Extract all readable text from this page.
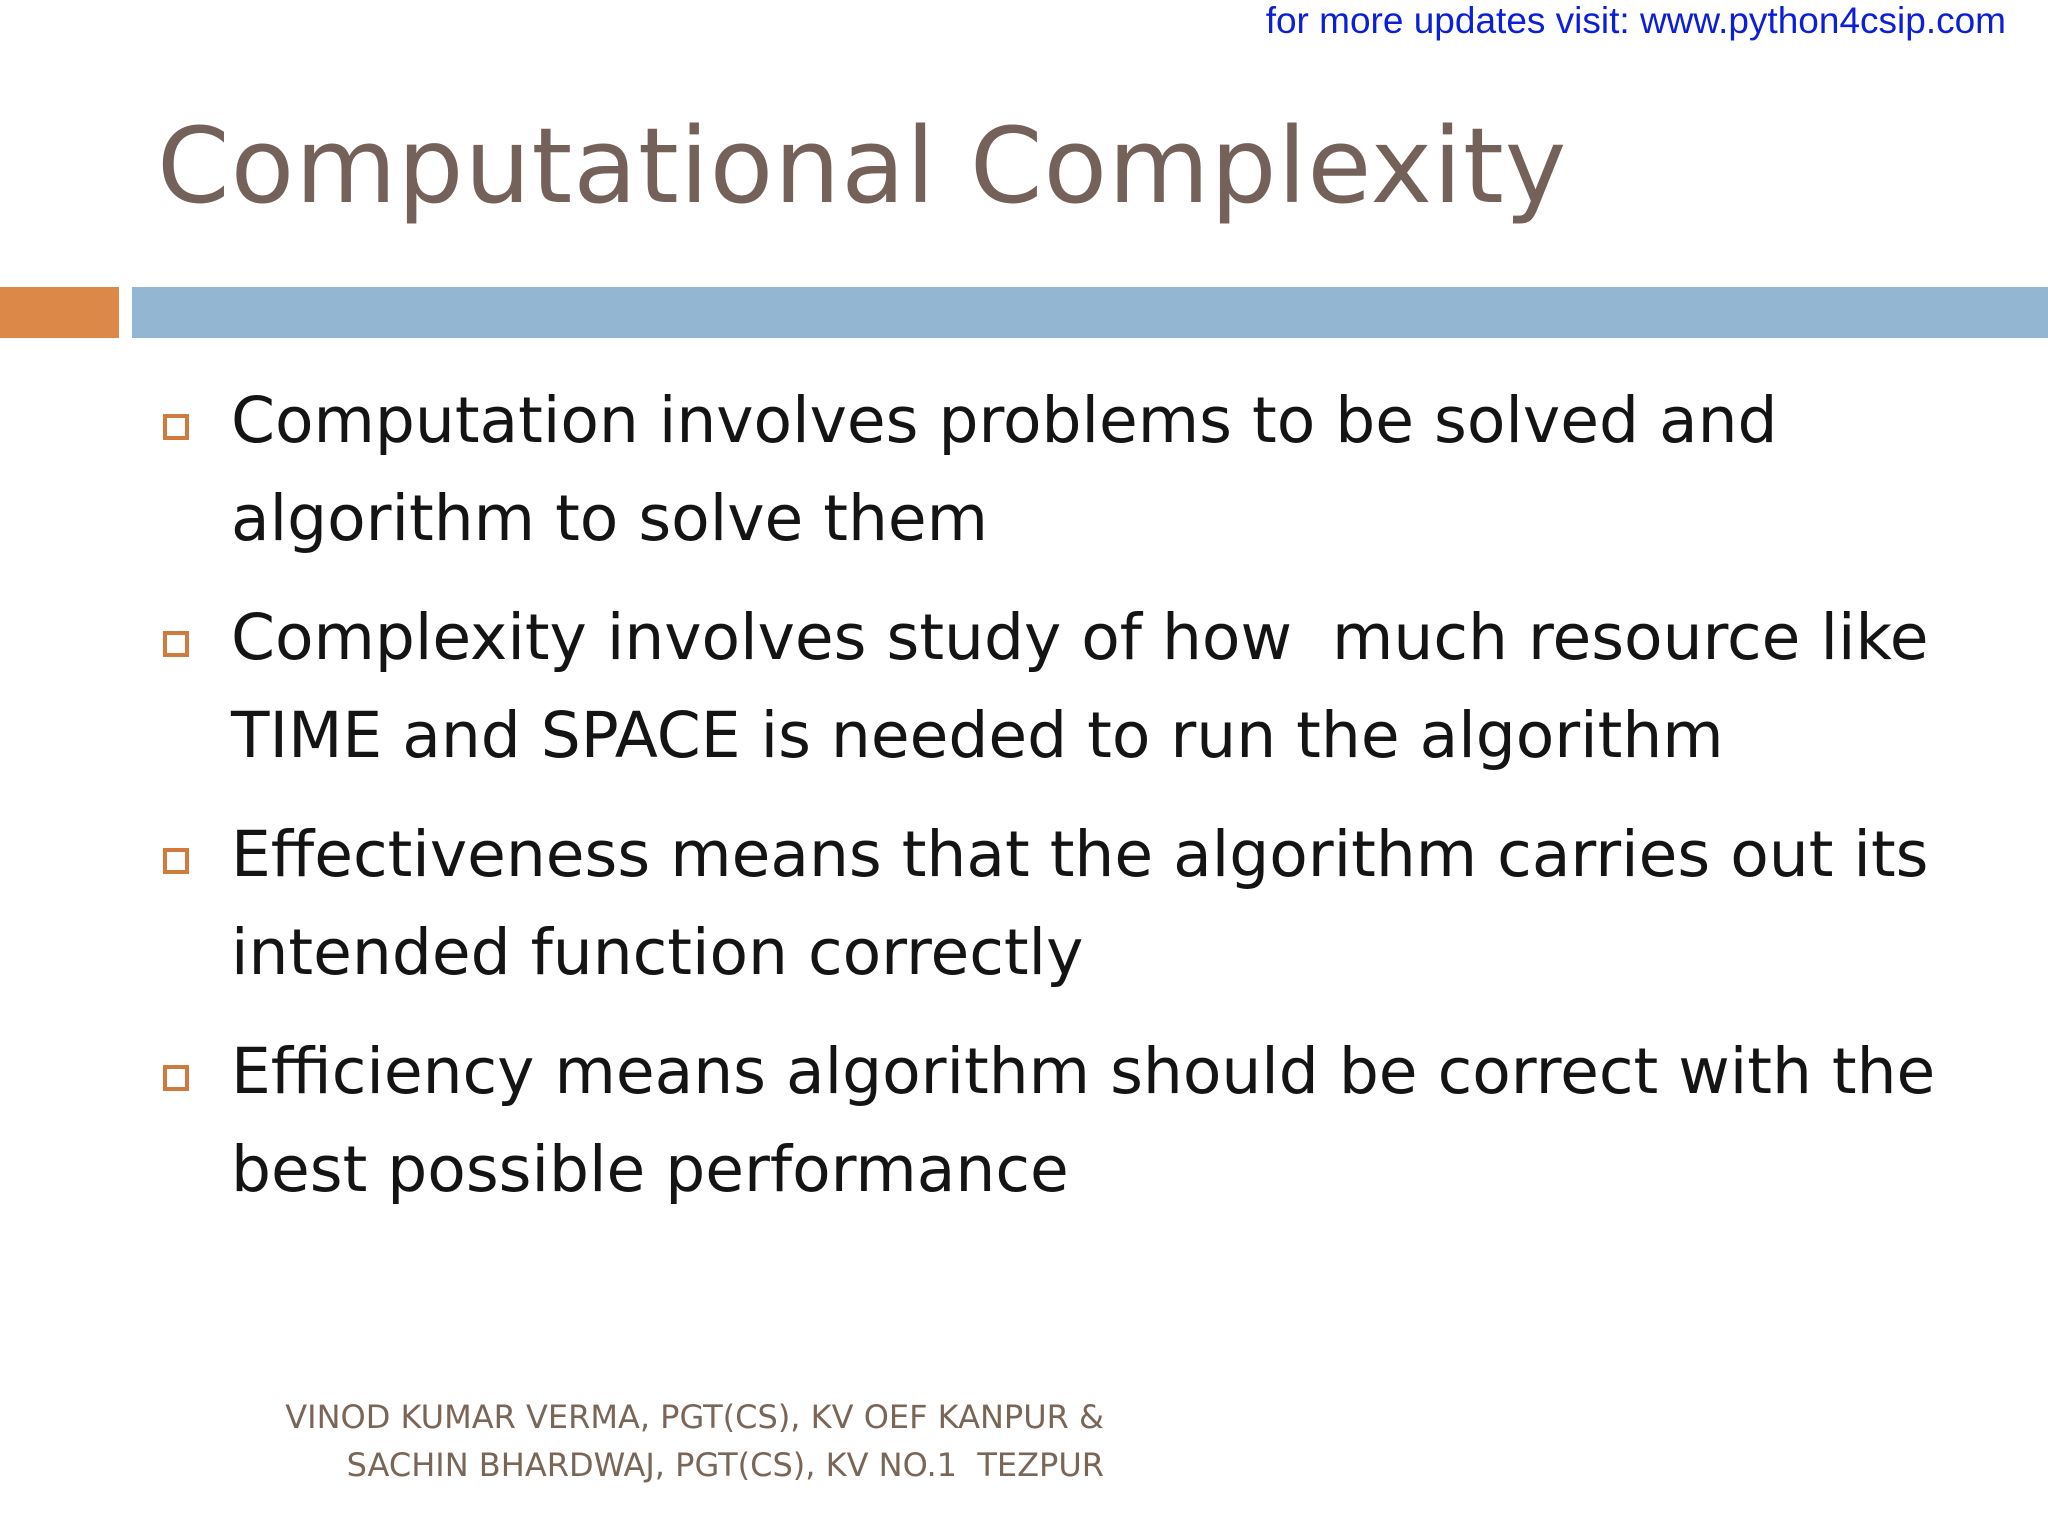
for more updates visit: www.python4csip.com
Computational Complexity
Computation involves problems to be solved and algorithm to solve them
Complexity involves study of how  much resource like TIME and SPACE is needed to run the algorithm
Effectiveness means that the algorithm carries out its intended function correctly
Efficiency means algorithm should be correct with the best possible performance
VINOD KUMAR VERMA, PGT(CS), KV OEF KANPUR &
SACHIN BHARDWAJ, PGT(CS), KV NO.1  TEZPUR
